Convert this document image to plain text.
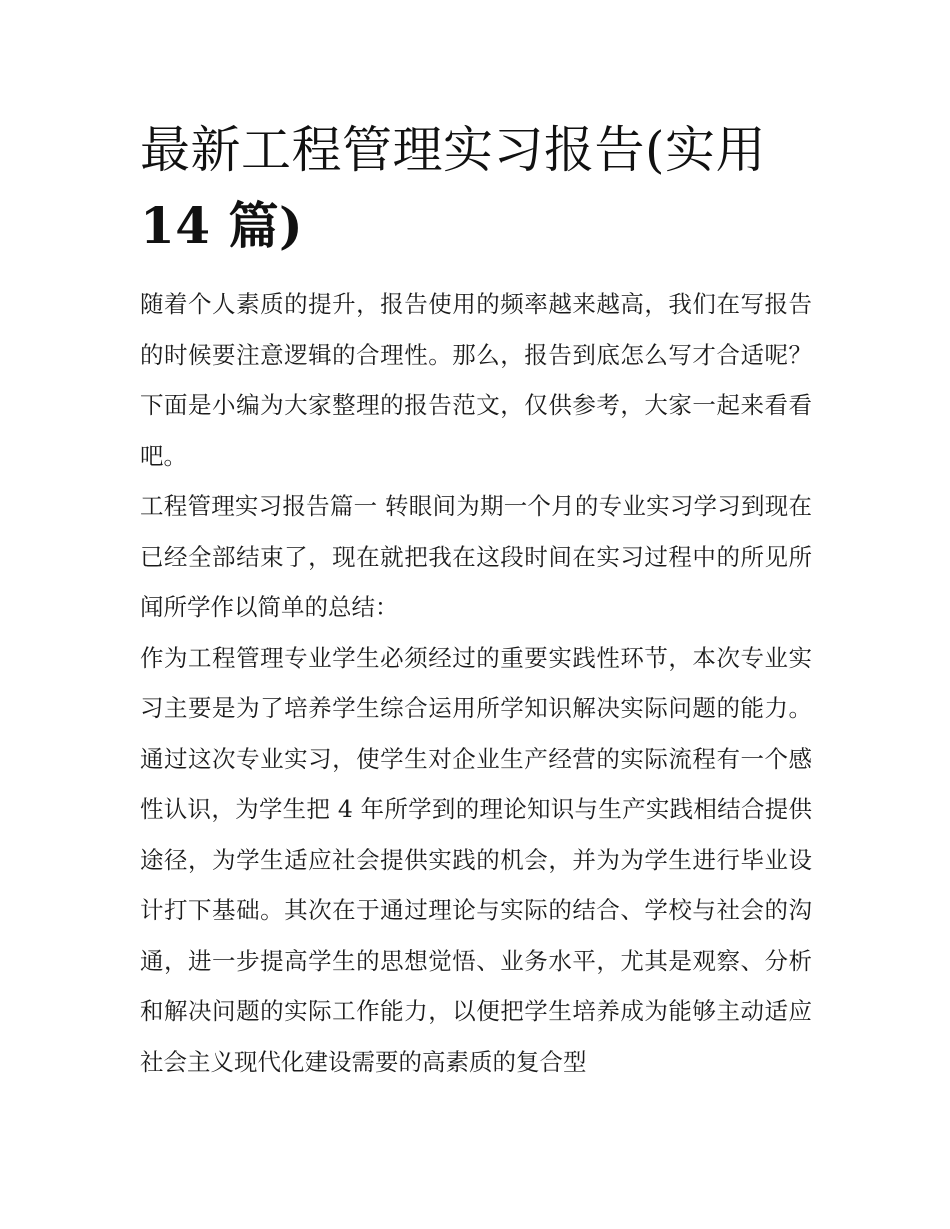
最新工程管理实习报告(实用
14 篇)

随着个人素质的提升，报告使用的频率越来越高，我们在写报告的时候要注意逻辑的合理性。那么，报告到底怎么写才合适呢？下面是小编为大家整理的报告范文，仅供参考，大家一起来看看吧。

工程管理实习报告篇一 转眼间为期一个月的专业实习学习到现在已经全部结束了，现在就把我在这段时间在实习过程中的所见所闻所学作以简单的总结：

作为工程管理专业学生必须经过的重要实践性环节，本次专业实习主要是为了培养学生综合运用所学知识解决实际问题的能力。通过这次专业实习，使学生对企业生产经营的实际流程有一个感性认识，为学生把 4 年所学到的理论知识与生产实践相结合提供途径，为学生适应社会提供实践的机会，并为为学生进行毕业设计打下基础。其次在于通过理论与实际的结合、学校与社会的沟通，进一步提高学生的思想觉悟、业务水平，尤其是观察、分析和解决问题的实际工作能力，以便把学生培养成为能够主动适应社会主义现代化建设需要的高素质的复合型
